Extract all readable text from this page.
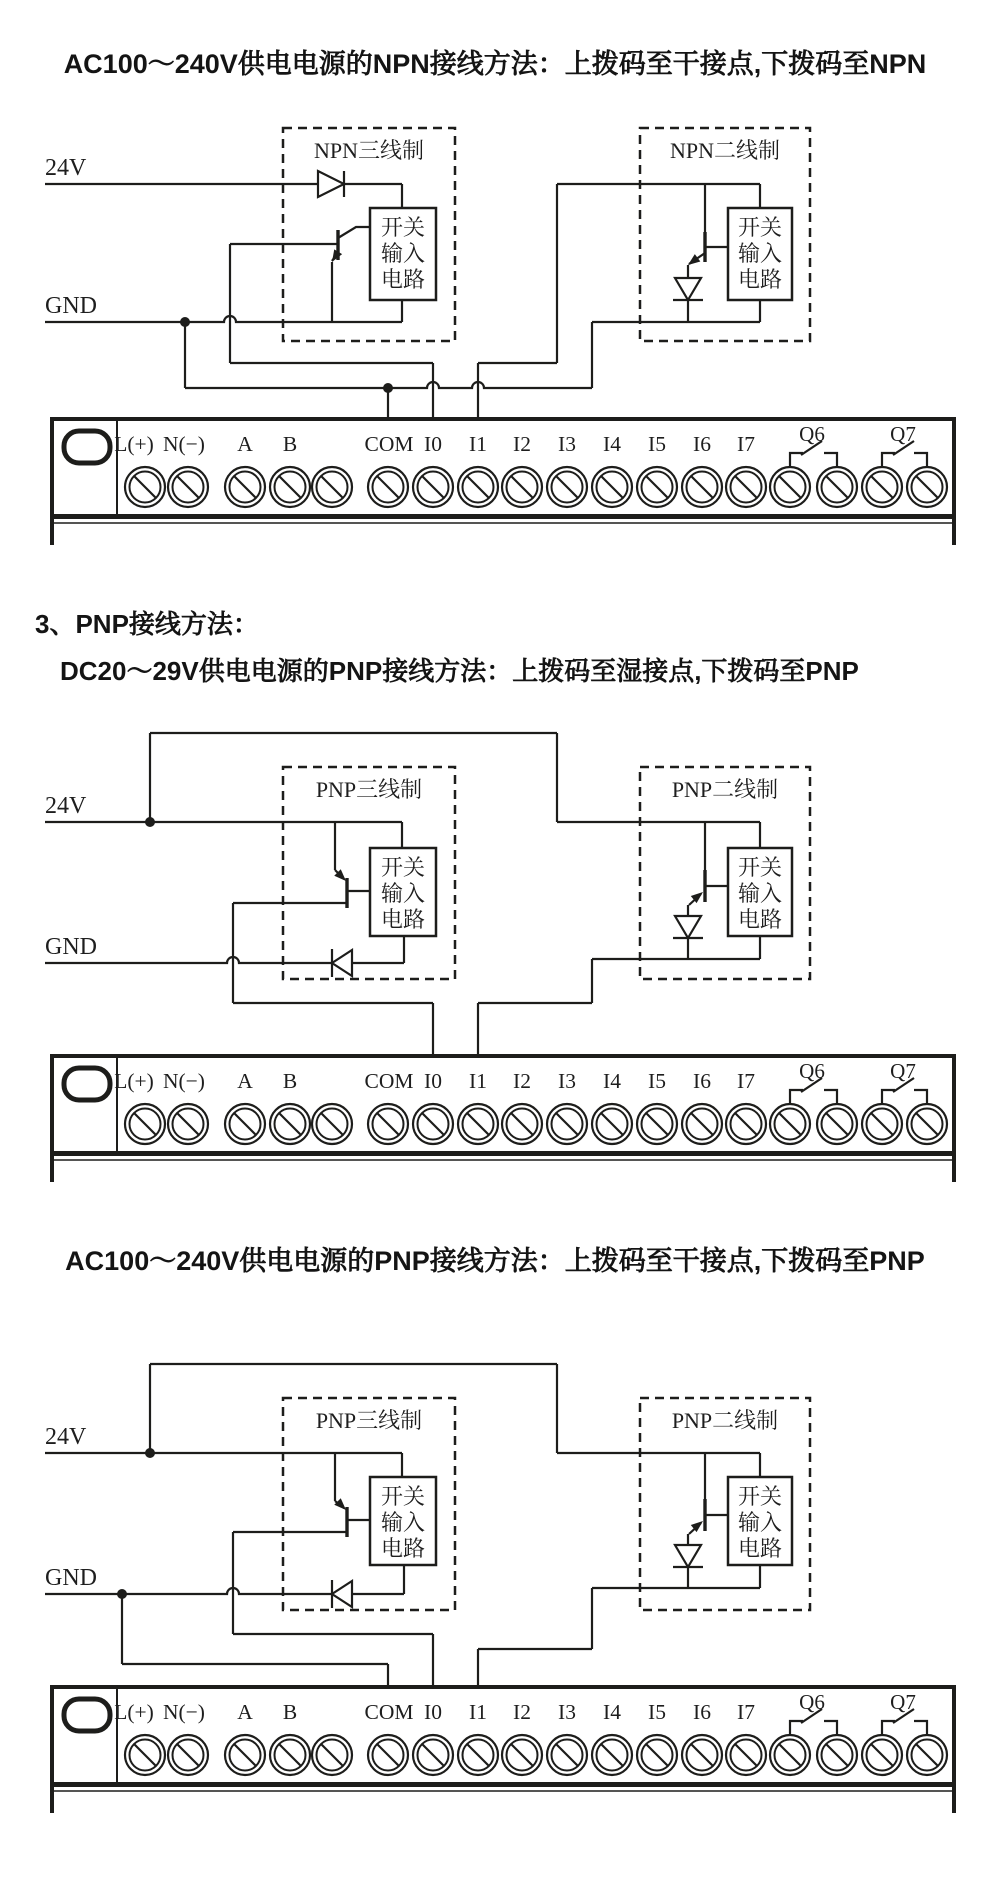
AC100～240V供电电源的NPN接线方法：上拨码至干接点,下拨码至NPN
3、PNP接线方法：
DC20～29V供电电源的PNP接线方法：上拨码至湿接点,下拨码至PNP
AC100～240V供电电源的PNP接线方法：上拨码至干接点,下拨码至PNP
24V
GND
NPN三线制	NPN二线制
开关
输入
电路
开关
输入
电路
L(+) N(−) A B	COM I0 I1 I2 I3 I4 I5 I6 I7 Q6	Q7
24V
GND
PNP三线制	PNP二线制
开关
输入
电路
开关
输入
电路
L(+) N(−) A B	COM I0 I1 I2 I3 I4 I5 I6 I7 Q6	Q7
24V
GND
PNP三线制	PNP二线制
开关
输入
电路
开关
输入
电路
L(+) N(−) A B	COM I0 I1 I2 I3 I4 I5 I6 I7 Q6	Q7
